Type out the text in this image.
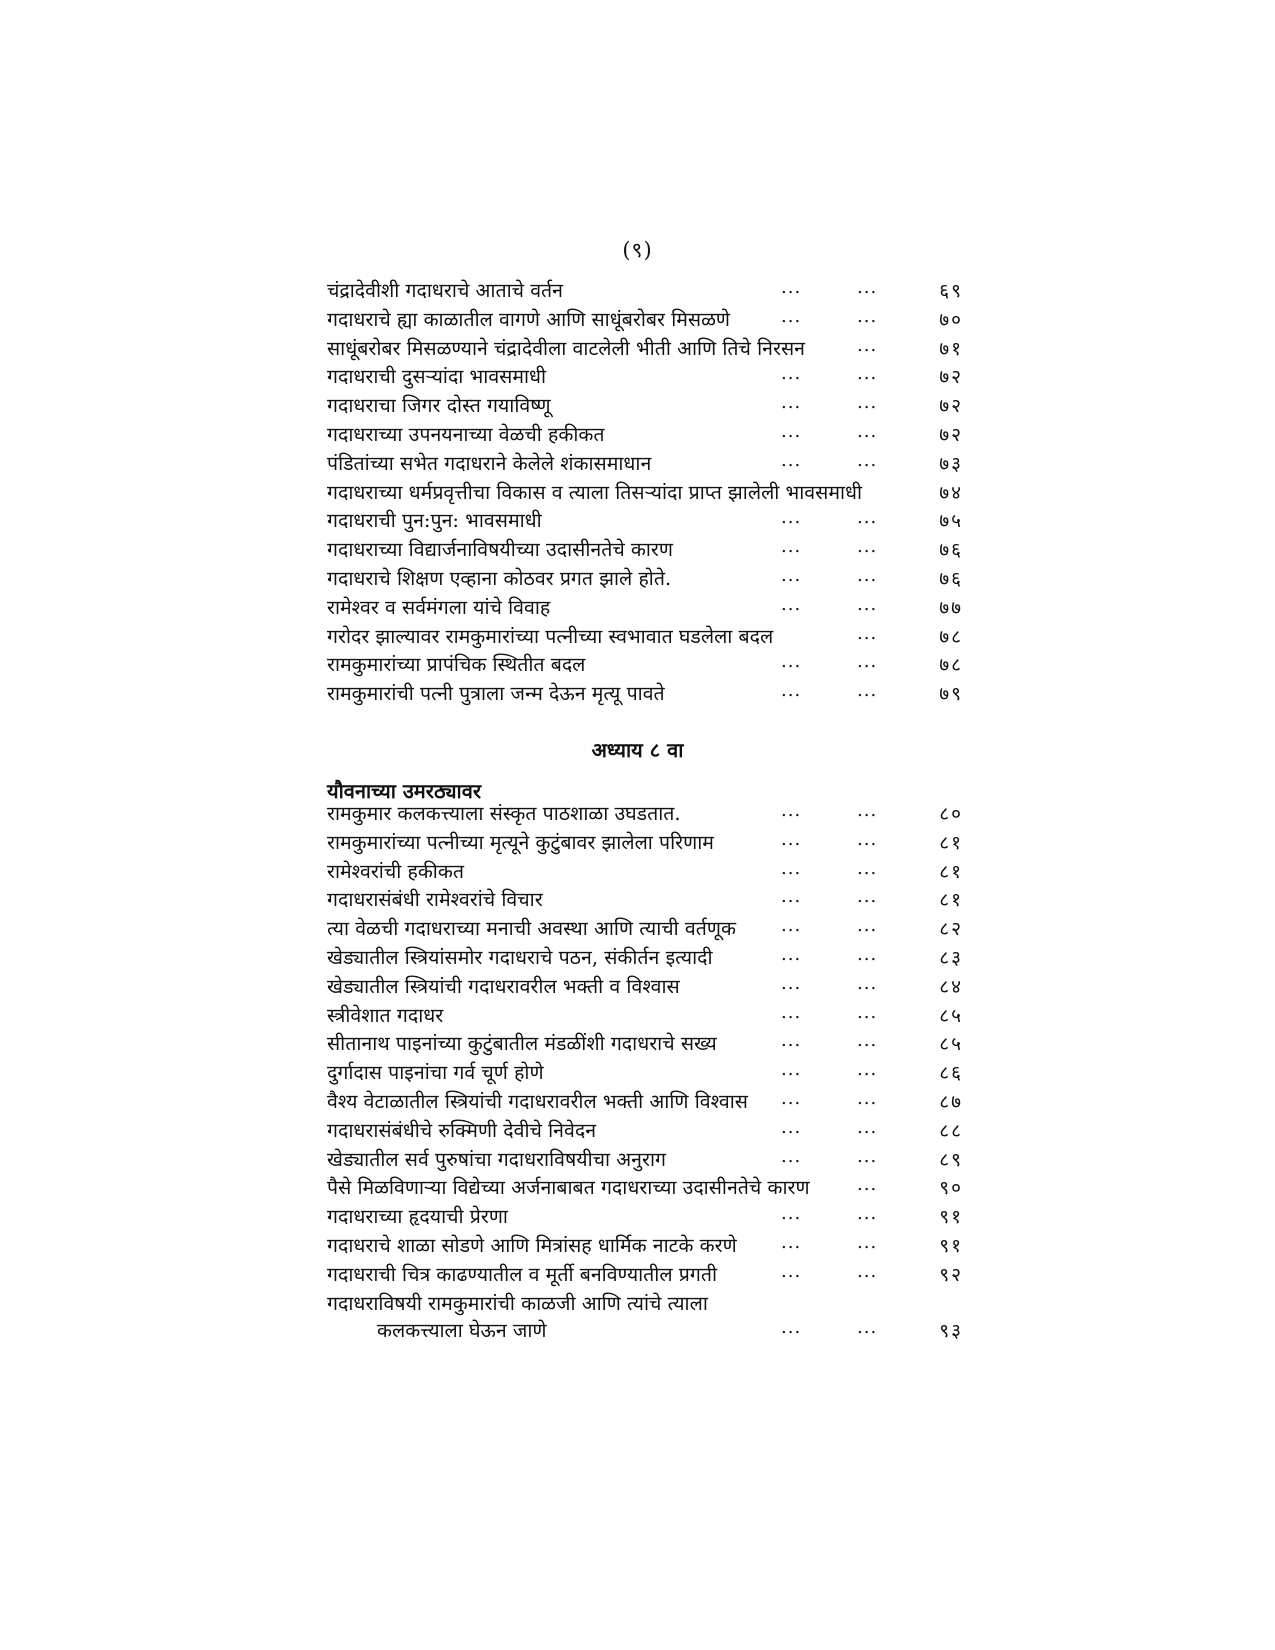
(९)
चंद्रादेवीशी गदाधराचे आताचे वर्तन	...	...	६९
गदाधराचे ह्या काळातील वागणे आणि साधूंबरोबर मिसळणे	...	...	७०
साधूंबरोबर मिसळण्याने चंद्रादेवीला वाटलेली भीती आणि तिचे निरसन	...	७१
गदाधराची दुसऱ्यांदा भावसमाधी	...	...	७२
गदाधराचा जिगर दोस्त गयाविष्णू	...	...	७२
गदाधराच्या उपनयनाच्या वेळची हकीकत	...	...	७२
पंडितांच्या सभेत गदाधराने केलेले शंकासमाधान	...	...	७३
गदाधराच्या धर्मप्रवृत्तीचा विकास व त्याला तिसऱ्यांदा प्राप्त झालेली भावसमाधी	७४
गदाधराची पुन:पुन: भावसमाधी	...	...	७५
गदाधराच्या विद्यार्जनाविषयीच्या उदासीनतेचे कारण	...	...	७६
गदाधराचे शिक्षण एव्हाना कोठवर प्रगत झाले होते.	...	...	७६
रामेश्वर व सर्वमंगला यांचे विवाह	...	...	७७
गरोदर झाल्यावर रामकुमारांच्या पत्नीच्या स्वभावात घडलेला बदल	...	७८
रामकुमारांच्या प्रापंचिक स्थितीत बदल	...	...	७८
रामकुमारांची पत्नी पुत्राला जन्म देऊन मृत्यू पावते	...	...	७९
अध्याय ८ वा
यौवनाच्या उमरठ्यावर
रामकुमार कलकत्त्याला संस्कृत पाठशाळा उघडतात.	...	...	८०
रामकुमारांच्या पत्नीच्या मृत्यूने कुटुंबावर झालेला परिणाम	...	...	८१
रामेश्वरांची हकीकत	...	...	८१
गदाधरासंबंधी रामेश्वरांचे विचार	...	...	८१
त्या वेळची गदाधराच्या मनाची अवस्था आणि त्याची वर्तणूक	...	...	८२
खेड्यातील स्त्रियांसमोर गदाधराचे पठन, संकीर्तन इत्यादी	...	...	८३
खेड्यातील स्त्रियांची गदाधरावरील भक्ती व विश्वास	...	...	८४
स्त्रीवेशात गदाधर	...	...	८५
सीतानाथ पाइनांच्या कुटुंबातील मंडळींशी गदाधराचे सख्य	...	...	८५
दुर्गादास पाइनांचा गर्व चूर्ण होणे	...	...	८६
वैश्य वेटाळातील स्त्रियांची गदाधरावरील भक्ती आणि विश्वास ...	...	८७
गदाधरासंबंधीचे रुक्मिणी देवीचे निवेदन	...	...	८८
खेड्यातील सर्व पुरुषांचा गदाधराविषयीचा अनुराग	...	...	८९
पैसे मिळविणाऱ्या विद्येच्या अर्जनाबाबत गदाधराच्या उदासीनतेचे कारण	...	९०
गदाधराच्या हृदयाची प्रेरणा	...	...	९१
गदाधराचे शाळा सोडणे आणि मित्रांसह धार्मिक नाटके करणे ...	...	९१
गदाधराची चित्र काढण्यातील व मूर्ती बनविण्यातील प्रगती	...	...	९२
गदाधराविषयी रामकुमारांची काळजी आणि त्यांचे त्याला
कलकत्त्याला घेऊन जाणे	...	...	९३
